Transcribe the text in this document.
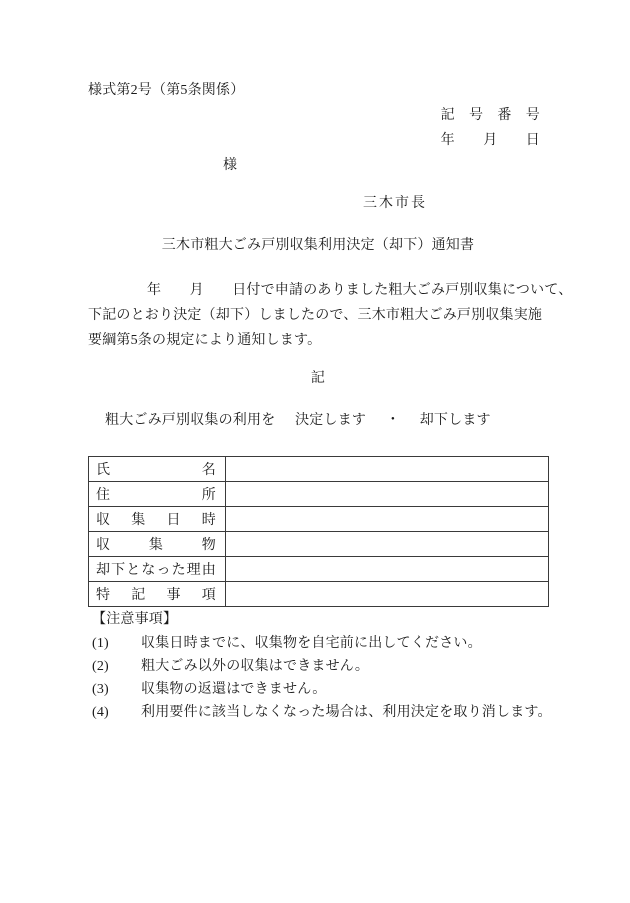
様式第2号（第5条関係）
記　号　番　号
年　　月　　日
様
三木市長
三木市粗大ごみ戸別収集利用決定（却下）通知書
年　　月　　日付で申請のありました粗大ごみ戸別収集について、
下記のとおり決定（却下）しましたので、三木市粗大ごみ戸別収集実施
要綱第5条の規定により通知します。
記
粗大ごみ戸別収集の利用を 決定します ・ 却下します
氏名	
住所	
収集日時	
収集物	
却下となった理由	
特記事項	
【注意事項】
(1) 収集日時までに、収集物を自宅前に出してください。
(2) 粗大ごみ以外の収集はできません。
(3) 収集物の返還はできません。
(4) 利用要件に該当しなくなった場合は、利用決定を取り消します。
